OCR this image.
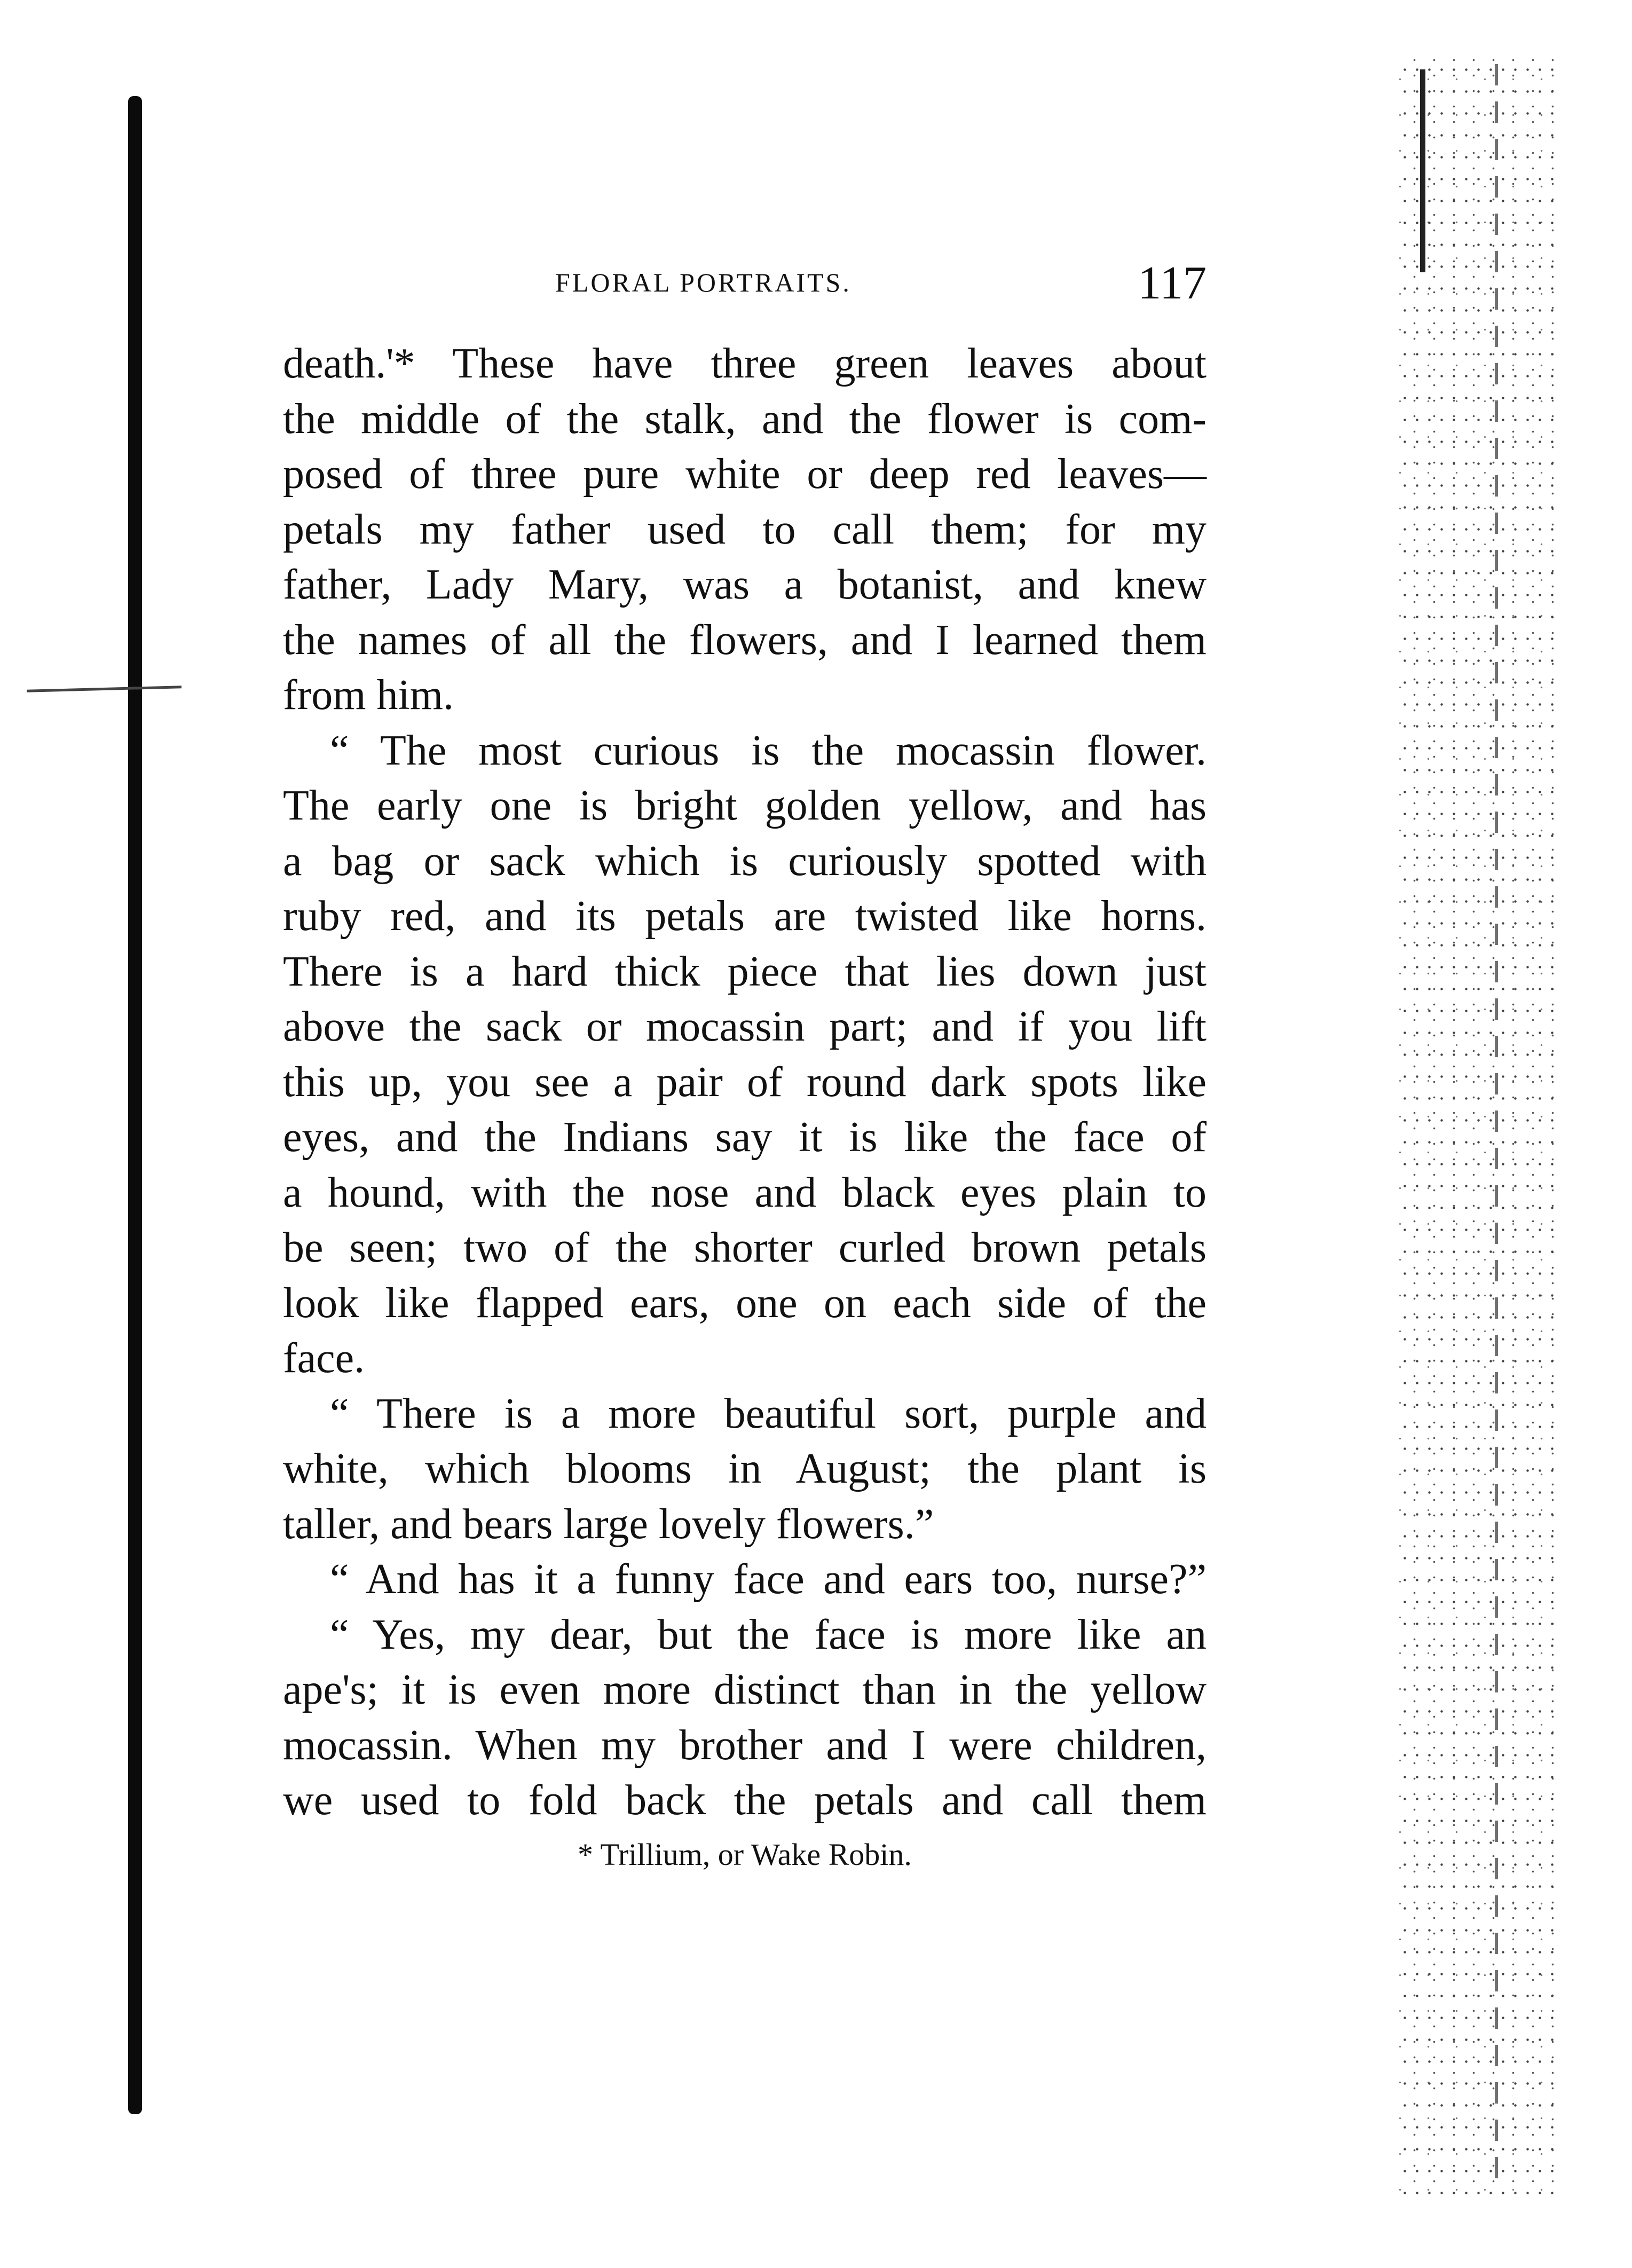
FLORAL PORTRAITS.	117
death.'* These have three green leaves about
the middle of the stalk, and the flower is com-
posed of three pure white or deep red leaves—
petals my father used to call them; for my
father, Lady Mary, was a botanist, and knew
the names of all the flowers, and I learned them
from him.
“ The most curious is the mocassin flower.
The early one is bright golden yellow, and has
a bag or sack which is curiously spotted with
ruby red, and its petals are twisted like horns.
There is a hard thick piece that lies down just
above the sack or mocassin part; and if you lift
this up, you see a pair of round dark spots like
eyes, and the Indians say it is like the face of
a hound, with the nose and black eyes plain to
be seen; two of the shorter curled brown petals
look like flapped ears, one on each side of the
face.
“ There is a more beautiful sort, purple and
white, which blooms in August; the plant is
taller, and bears large lovely flowers.”
“ And has it a funny face and ears too, nurse?”
“ Yes, my dear, but the face is more like an
ape's; it is even more distinct than in the yellow
mocassin. When my brother and I were children,
we used to fold back the petals and call them
* Trillium, or Wake Robin.
